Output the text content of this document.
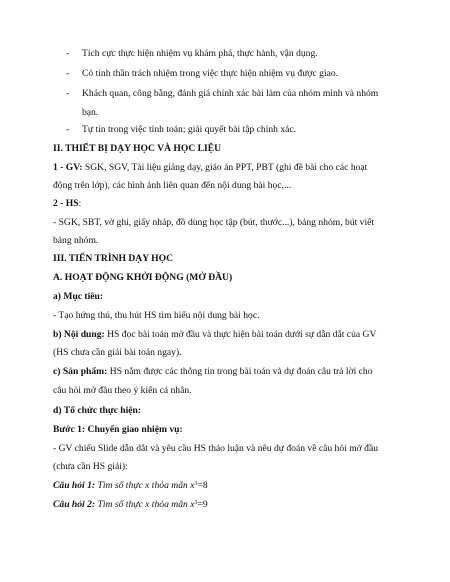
-	Tích cực thực hiện nhiệm vụ khám phá, thực hành, vận dụng.
-	Có tinh thần trách nhiệm trong việc thực hiện nhiệm vụ được giao.
-	Khách quan, công bằng, đánh giá chính xác bài làm của nhóm mình và nhóm
bạn.
-	Tự tin trong việc tính toán; giải quyết bài tập chính xác.
II. THIẾT BỊ DẠY HỌC VÀ HỌC LIỆU
1 - GV: SGK, SGV, Tài liệu giảng dạy, giáo án PPT, PBT (ghi đề bài cho các hoạt
động trên lớp), các hình ảnh liên quan đến nội dung bài học,...
2 - HS:
- SGK, SBT, vở ghi, giấy nháp, đồ dùng học tập (bút, thước...), bảng nhóm, bút viết
bảng nhóm.
III. TIẾN TRÌNH DẠY HỌC
A. HOẠT ĐỘNG KHỞI ĐỘNG (MỞ ĐẦU)
a) Mục tiêu:
- Tạo hứng thú, thu hút HS tìm hiểu nội dung bài học.
b) Nội dung: HS đọc bài toán mở đầu và thực hiện bài toán dưới sự dẫn dắt của GV
(HS chưa cần giải bài toán ngay).
c) Sản phẩm: HS nắm được các thông tin trong bài toán và dự đoán câu trả lời cho
câu hỏi mở đầu theo ý kiến cá nhân.
d) Tổ chức thực hiện:
Bước 1: Chuyển giao nhiệm vụ:
- GV chiếu Slide dẫn dắt và yêu cầu HS thảo luận và nêu dự đoán về câu hỏi mở đầu
(chưa cần HS giải):
Câu hỏi 1: Tìm số thực x thỏa mãn $x^3=8$
Câu hỏi 2: Tìm số thực x thỏa mãn $x^3=9$
